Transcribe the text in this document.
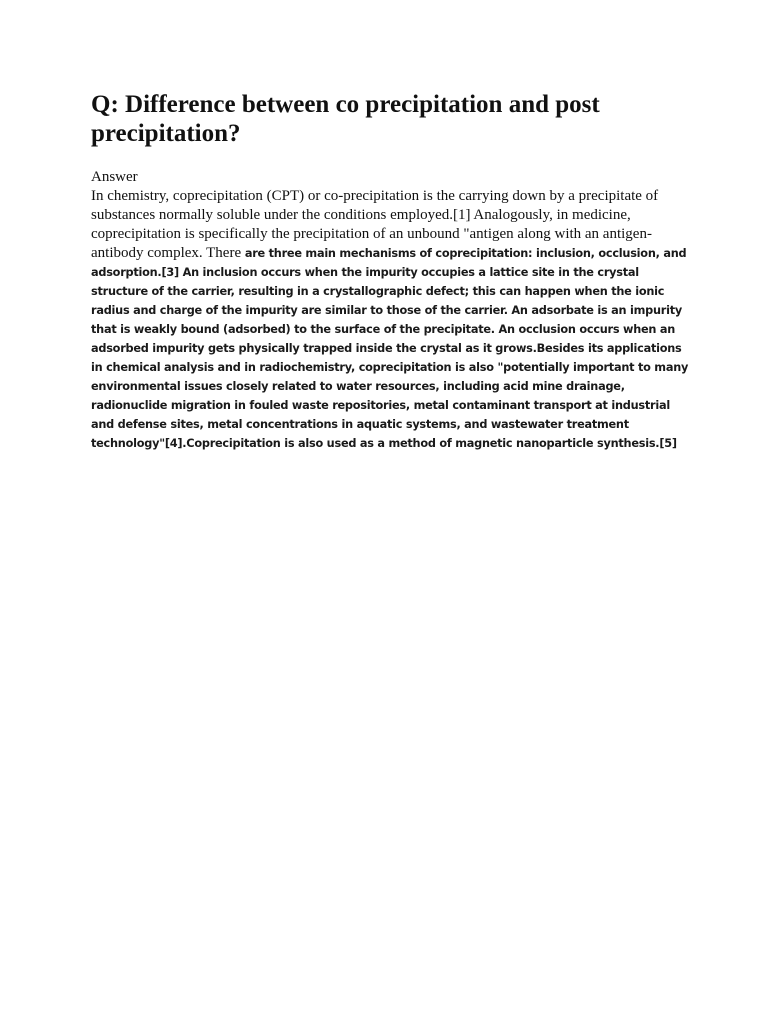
Q: Difference between co precipitation and post precipitation?
Answer

In chemistry, coprecipitation (CPT) or co-precipitation is the carrying down by a precipitate of substances normally soluble under the conditions employed.[1] Analogously, in medicine, coprecipitation is specifically the precipitation of an unbound "antigen along with an antigen-antibody complex. There are three main mechanisms of coprecipitation: inclusion, occlusion, and adsorption.[3] An inclusion occurs when the impurity occupies a lattice site in the crystal structure of the carrier, resulting in a crystallographic defect; this can happen when the ionic radius and charge of the impurity are similar to those of the carrier. An adsorbate is an impurity that is weakly bound (adsorbed) to the surface of the precipitate. An occlusion occurs when an adsorbed impurity gets physically trapped inside the crystal as it grows.Besides its applications in chemical analysis and in radiochemistry, coprecipitation is also "potentially important to many environmental issues closely related to water resources, including acid mine drainage, radionuclide migration in fouled waste repositories, metal contaminant transport at industrial and defense sites, metal concentrations in aquatic systems, and wastewater treatment technology"[4].Coprecipitation is also used as a method of magnetic nanoparticle synthesis.[5]
